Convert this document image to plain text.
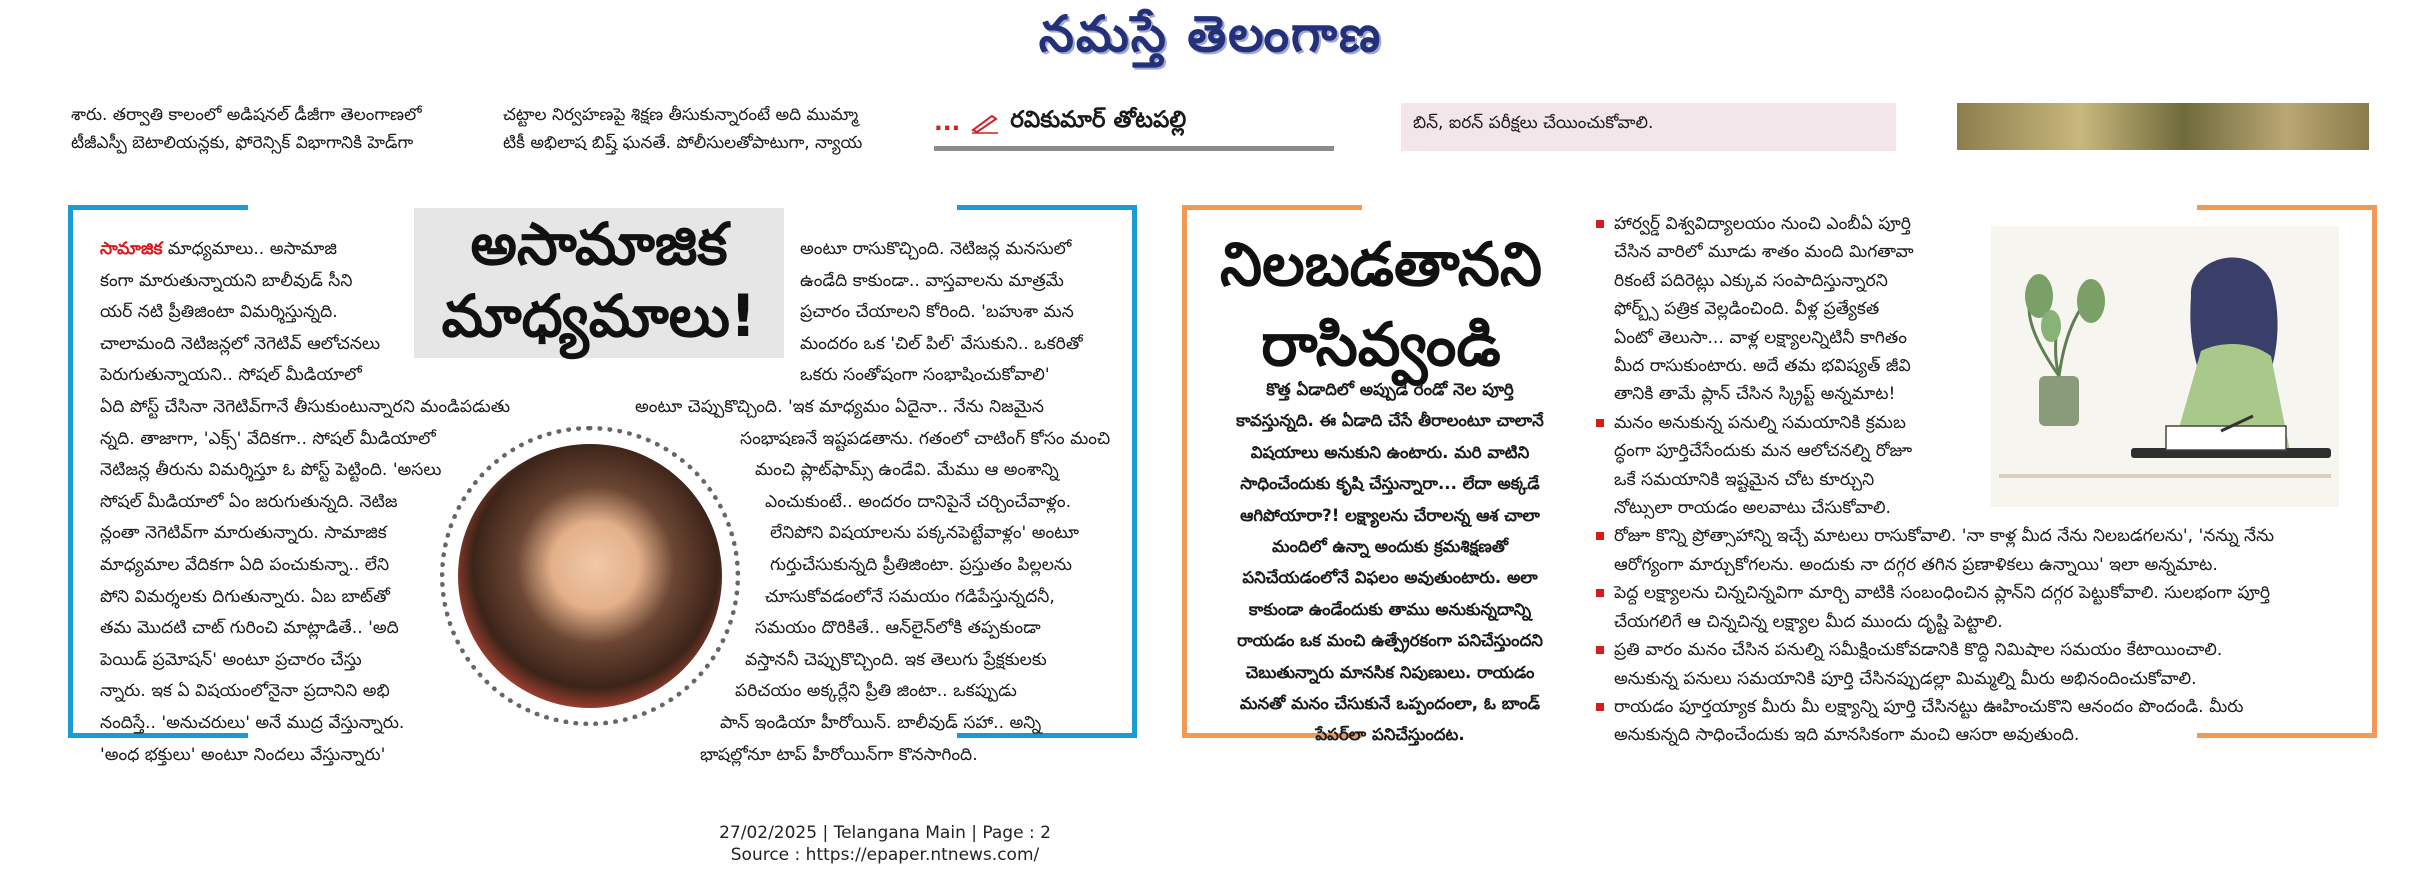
నమస్తే తెలంగాణ
శారు. తర్వాతి కాలంలో అడిషనల్ డీజీగా తెలంగాణలో
టీజీఎస్పీ బెటాలియన్లకు, ఫోరెన్సిక్ విభాగానికి హెడ్‌గా
చట్టాల నిర్వహణపై శిక్షణ తీసుకున్నారంటే అది ముమ్మా
టికీ అభిలాష బిష్త్ ఘనతే. పోలీసులతోపాటుగా, న్యాయ
... రవికుమార్ తోటపల్లి	బిన్, ఐరన్ పరీక్షలు చేయించుకోవాలి.
అసామాజిక
మాధ్యమాలు!

సామాజిక మాధ్యమాలు.. అసామాజి

కంగా మారుతున్నాయని బాలీవుడ్ సీని

యర్ నటి ప్రీతిజింటా విమర్శిస్తున్నది.

చాలామంది నెటిజన్లలో నెగెటివ్ ఆలోచనలు

పెరుగుతున్నాయని.. సోషల్ మీడియాలో

ఏది పోస్ట్ చేసినా నెగెటివ్‌గానే తీసుకుంటున్నారని మండిపడుతు

న్నది. తాజాగా, 'ఎక్స్' వేదికగా.. సోషల్ మీడియాలో

నెటిజన్ల తీరును విమర్శిస్తూ ఓ పోస్ట్ పెట్టింది. 'అసలు

సోషల్ మీడియాలో ఏం జరుగుతున్నది. నెటిజ

న్లంతా నెగెటివ్‌గా మారుతున్నారు. సామాజిక

మాధ్యమాల వేదికగా ఏది పంచుకున్నా.. లేని

పోని విమర్శలకు దిగుతున్నారు. ఏబ బాట్‌తో

తమ మొదటి చాట్ గురించి మాట్లాడితే.. 'అది

పెయిడ్ ప్రమోషన్' అంటూ ప్రచారం చేస్తు

న్నారు. ఇక ఏ విషయంలోనైనా ప్రదానిని అభి

నందిస్తే.. 'అనుచరులు' అనే ముద్ర వేస్తున్నారు.

'అంధ భక్తులు' అంటూ నిందలు వేస్తున్నారు'

అంటూ రాసుకొచ్చింది. నెటిజన్ల మనసులో

ఉండేది కాకుండా.. వాస్తవాలను మాత్రమే

ప్రచారం చేయాలని కోరింది. 'బహుశా మన

మందరం ఒక 'చిల్ పిల్' వేసుకుని.. ఒకరితో

ఒకరు సంతోషంగా సంభాషించుకోవాలి'

అంటూ చెప్పుకొచ్చింది. 'ఇక మాధ్యమం ఏదైనా.. నేను నిజమైన

సంభాషణనే ఇష్టపడతాను. గతంలో చాటింగ్ కోసం మంచి

మంచి ప్లాట్‌ఫామ్స్ ఉండేవి. మేము ఆ అంశాన్ని

ఎంచుకుంటే.. అందరం దానిపైనే చర్చించేవాళ్లం.

లేనిపోని విషయాలను పక్కనపెట్టేవాళ్లం' అంటూ

గుర్తుచేసుకున్నది ప్రీతిజింటా. ప్రస్తుతం పిల్లలను

చూసుకోవడంలోనే సమయం గడిపేస్తున్నదనీ,

సమయం దొరికితే.. ఆన్‌లైన్‌లోకి తప్పకుండా

వస్తాననీ చెప్పుకొచ్చింది. ఇక తెలుగు ప్రేక్షకులకు

పరిచయం అక్కర్లేని ప్రీతి జింటా.. ఒకప్పుడు

పాన్ ఇండియా హీరోయిన్. బాలీవుడ్ సహా.. అన్ని

భాషల్లోనూ టాప్ హీరోయిన్‌గా కొనసాగింది.

నిలబడతానని
రాసివ్వండి

కొత్త ఏడాదిలో అప్పుడే రెండో నెల పూర్తి

కావస్తున్నది. ఈ ఏడాది చేసే తీరాలంటూ చాలానే

విషయాలు అనుకుని ఉంటారు. మరి వాటిని

సాధించేందుకు కృషి చేస్తున్నారా... లేదా అక్కడే

ఆగిపోయారా?! లక్ష్యాలను చేరాలన్న ఆశ చాలా

మందిలో ఉన్నా అందుకు క్రమశిక్షణతో

పనిచేయడంలోనే విఫలం అవుతుంటారు. అలా

కాకుండా ఉండేందుకు తాము అనుకున్నదాన్ని

రాయడం ఒక మంచి ఉత్ప్రేరకంగా పనిచేస్తుందని

చెబుతున్నారు మానసిక నిపుణులు. రాయడం

మనతో మనం చేసుకునే ఒప్పందంలా, ఓ బాండ్

పేపర్‌లా పనిచేస్తుందట.

హార్వర్డ్ విశ్వవిద్యాలయం నుంచి ఎంబీఏ పూర్తి

చేసిన వారిలో మూడు శాతం మంది మిగతావా

రికంటే పదిరెట్లు ఎక్కువ సంపాదిస్తున్నారని

ఫోర్బ్స్ పత్రిక వెల్లడించింది. వీళ్ల ప్రత్యేకత

ఏంటో తెలుసా... వాళ్ల లక్ష్యాలన్నిటినీ కాగితం

మీద రాసుకుంటారు. అదే తమ భవిష్యత్ జీవి

తానికి తామే ప్లాన్ చేసిన స్క్రిప్ట్ అన్నమాట!

మనం అనుకున్న పనుల్ని సమయానికి క్రమబ

ద్ధంగా పూర్తిచేసేందుకు మన ఆలోచనల్ని రోజూ

ఒకే సమయానికి ఇష్టమైన చోట కూర్చుని

నోట్సులా రాయడం అలవాటు చేసుకోవాలి.

రోజూ కొన్ని ప్రోత్సాహాన్ని ఇచ్చే మాటలు రాసుకోవాలి. 'నా కాళ్ల మీద నేను నిలబడగలను', 'నన్ను నేను

ఆరోగ్యంగా మార్చుకోగలను. అందుకు నా దగ్గర తగిన ప్రణాళికలు ఉన్నాయి' ఇలా అన్నమాట.

పెద్ద లక్ష్యాలను చిన్నచిన్నవిగా మార్చి వాటికి సంబంధించిన ప్లాన్‌ని దగ్గర పెట్టుకోవాలి. సులభంగా పూర్తి

చేయగలిగే ఆ చిన్నచిన్న లక్ష్యాల మీద ముందు దృష్టి పెట్టాలి.

ప్రతి వారం మనం చేసిన పనుల్ని సమీక్షించుకోవడానికి కొద్ది నిమిషాల సమయం కేటాయించాలి.

అనుకున్న పనులు సమయానికి పూర్తి చేసినప్పుడల్లా మిమ్మల్ని మీరు అభినందించుకోవాలి.

రాయడం పూర్తయ్యాక మీరు మీ లక్ష్యాన్ని పూర్తి చేసినట్టు ఊహించుకొని ఆనందం పొందండి. మీరు

అనుకున్నది సాధించేందుకు ఇది మానసికంగా మంచి ఆసరా అవుతుంది.

27/02/2025 | Telangana Main | Page : 2
Source : https://epaper.ntnews.com/
